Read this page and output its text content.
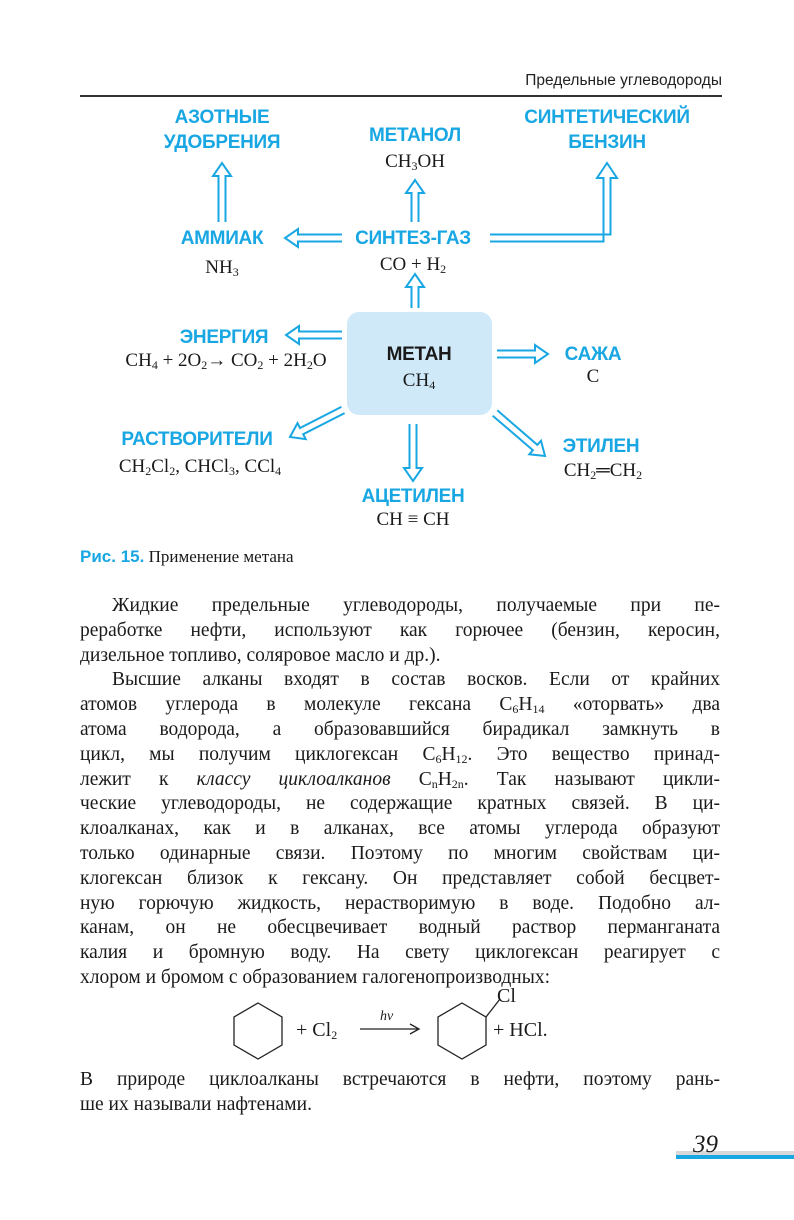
Предельные углеводороды
АЗОТНЫЕ
УДОБРЕНИЯ	МЕТАНОЛ
$CH_3OH$
СИНТЕТИЧЕСКИЙ
БЕНЗИН
АММИАК
$NH_3$
СИНТЕЗ-ГАЗ
CO + $H_2$
ЭНЕРГИЯ
$CH_4 + 2O_2\to CO_2 + 2H_2O$	МЕТАН
$CH_4$
САЖА
C
РАСТВОРИТЕЛИ
$CH_2Cl_2$, CHCl$_3$, CCl$_4$
ЭТИЛЕН
$CH_2═CH_2$
АЦЕТИЛЕН
CH ≡ CH
Рис. 15. Применение метана
Жидкие предельные углеводороды, получаемые при пе-
реработке нефти, используют как горючее (бензин, керосин,
дизельное топливо, соляровое масло и др.).
Высшие алканы входят в состав восков. Если от крайних
атомов углерода в молекуле гексана $C_6H_{14}$ «оторвать» два
атома водорода, а образовавшийся бирадикал замкнуть в
цикл, мы получим циклогексан $C_6H_{12}$. Это вещество принад-
лежит к классу циклоалканов $C_nH_{2n}$. Так называют цикли-
ческие углеводороды, не содержащие кратных связей. В ци-
клоалканах, как и в алканах, все атомы углерода образуют
только одинарные связи. Поэтому по многим свойствам ци-
клогексан близок к гексану. Он представляет собой бесцвет-
ную горючую жидкость, нерастворимую в воде. Подобно ал-
канам, он не обесцвечивает водный раствор перманганата
калия и бромную воду. На свету циклогексан реагирует с
хлором и бромом с образованием галогенопроизводных:
+ $Cl_2$
hν
Cl
+ HCl.
В природе циклоалканы встречаются в нефти, поэтому рань-
ше их называли нафтенами.
39
